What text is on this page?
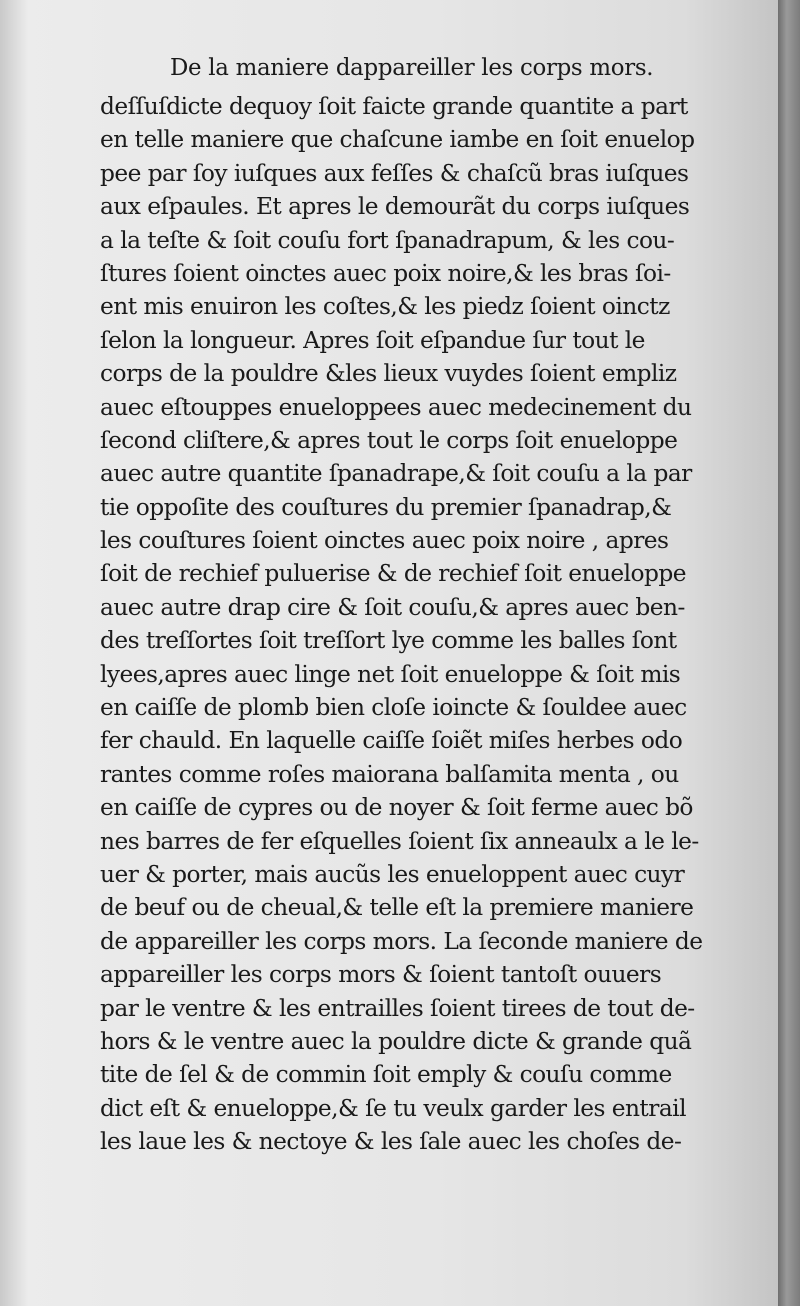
De la maniere dappareiller les corps mors.
deſſuſdicte dequoy ſoit faicte grande quantite a part
en telle maniere que chaſcune iambe en ſoit enuelop
pee par ſoy iuſques aux feſſes & chaſcũ bras iuſques
aux eſpaules. Et apres le demourãt du corps iuſques
a la teſte & ſoit couſu fort ſpanadrapum, & les cou-
ſtures ſoient oinctes auec poix noire,& les bras ſoi-
ent mis enuiron les coſtes,& les piedz ſoient oinctz
ſelon la longueur. Apres ſoit eſpandue ſur tout le
corps de la pouldre &les lieux vuydes ſoient empliz
auec eſtouppes enueloppees auec medecinement du
ſecond cliſtere,& apres tout le corps ſoit enueloppe
auec autre quantite ſpanadrape,& ſoit couſu a la par
tie oppoſite des couſtures du premier ſpanadrap,&
les couſtures ſoient oinctes auec poix noire , apres
ſoit de rechief puluerise & de rechief ſoit enueloppe
auec autre drap cire & ſoit couſu,& apres auec ben-
des treſſortes ſoit treſſort lye comme les balles ſont
lyees,apres auec linge net ſoit enueloppe & ſoit mis
en caiſſe de plomb bien cloſe ioincte & ſouldee auec
fer chauld. En laquelle caiſſe ſoiẽt miſes herbes odo
rantes comme roſes maiorana balſamita menta , ou
en caiſſe de cypres ou de noyer & ſoit ferme auec bõ
nes barres de fer eſquelles ſoient ſix anneaulx a le le-
uer & porter, mais aucũs les enueloppent auec cuyr
de beuf ou de cheual,& telle eſt la premiere maniere
de appareiller les corps mors. La ſeconde maniere de
appareiller les corps mors & ſoient tantoſt ouuers
par le ventre & les entrailles ſoient tirees de tout de-
hors & le ventre auec la pouldre dicte & grande quã
tite de ſel & de commin ſoit emply & couſu comme
dict eſt & enueloppe,& ſe tu veulx garder les entrail
les laue les & nectoye & les ſale auec les choſes de-
